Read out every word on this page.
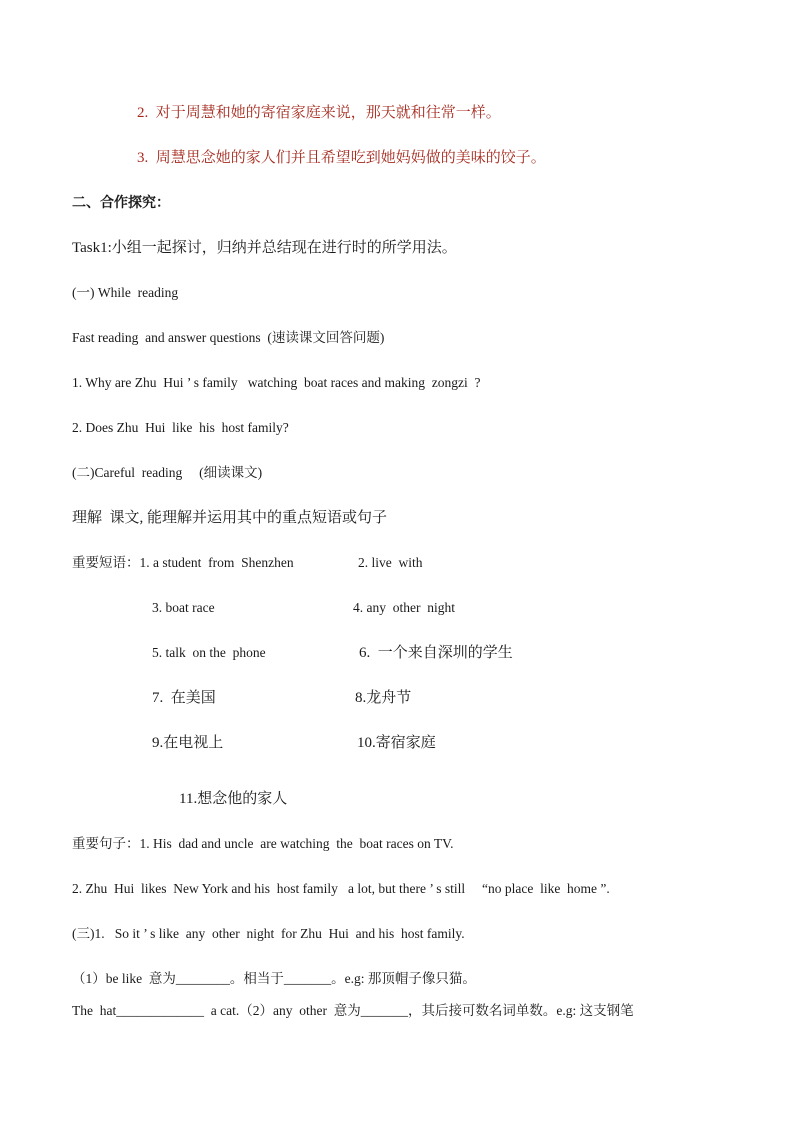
2.  对于周慧和她的寄宿家庭来说，那天就和往常一样。
3.  周慧思念她的家人们并且希望吃到她妈妈做的美味的饺子。
二、合作探究：
Task1:小组一起探讨，归纳并总结现在进行时的所学用法。
(一) While  reading
Fast reading  and answer questions  (速读课文回答问题)
1. Why are Zhu  Hui ’ s family   watching  boat races and making  zongzi  ?
2. Does Zhu  Hui  like  his  host family?
(二)Careful  reading     (细读课文)
理解  课文, 能理解并运用其中的重点短语或句子
重要短语：1. a student  from  Shenzhen	2. live  with
3. boat race	4. any  other  night
5. talk  on the  phone	6.  一个来自深圳的学生
7.  在美国	8.龙舟节
9.在电视上	10.寄宿家庭
11.想念他的家人
重要句子：1. His  dad and uncle  are watching  the  boat races on TV.
2. Zhu  Hui  likes  New York and his  host family   a lot, but there ’ s still     “no place  like  home ”.
(三)1.   So it ’ s like  any  other  night  for Zhu  Hui  and his  host family.
（1）be like  意为________。相当于_______。e.g: 那顶帽子像只猫。
The  hat_____________  a cat.（2）any  other  意为_______，其后接可数名词单数。e.g: 这支钢笔
